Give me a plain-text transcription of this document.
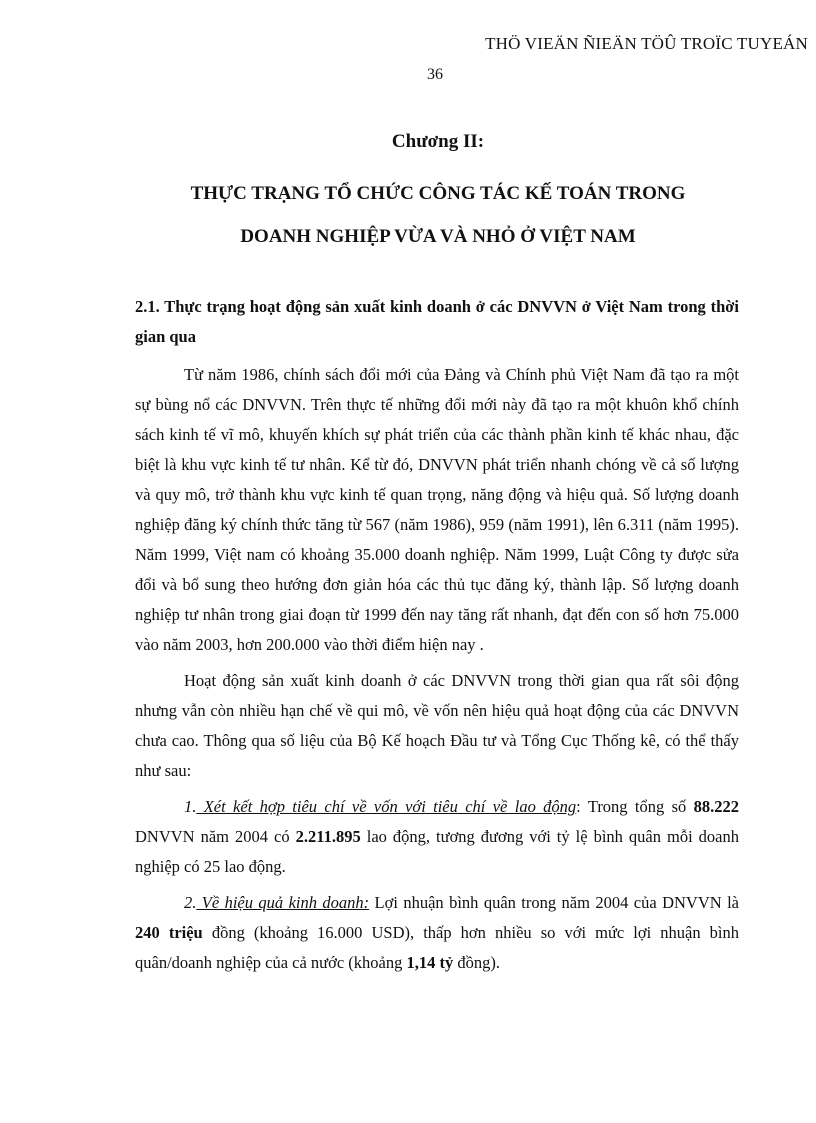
THÖ VIEÄN ÑIEÄN TÖÛ TROÏC TUYEÁN
36
Chương II:
THỰC TRẠNG TỔ CHỨC CÔNG TÁC KẾ TOÁN TRONG
DOANH NGHIỆP VỪA VÀ NHỎ Ở VIỆT NAM
2.1. Thực trạng hoạt động sản xuất kinh doanh ở các DNVVN ở Việt Nam trong thời gian qua

Từ năm 1986, chính sách đổi mới của Đảng và Chính phủ Việt Nam đã tạo ra một sự bùng nổ các DNVVN. Trên thực tế những đổi mới này đã tạo ra một khuôn khổ chính sách kinh tế vĩ mô, khuyến khích sự phát triển của các thành phần kinh tế khác nhau, đặc biệt là khu vực kinh tế tư nhân. Kể từ đó, DNVVN phát triển nhanh chóng về cả số lượng và quy mô, trở thành khu vực kinh tế quan trọng, năng động và hiệu quả. Số lượng doanh nghiệp đăng ký chính thức tăng từ 567 (năm 1986), 959 (năm 1991), lên 6.311 (năm 1995). Năm 1999, Việt nam có khoảng 35.000 doanh nghiệp. Năm 1999, Luật Công ty được sửa đổi và bổ sung theo hướng đơn giản hóa các thủ tục đăng ký, thành lập. Số lượng doanh nghiệp tư nhân trong giai đoạn từ 1999 đến nay tăng rất nhanh, đạt đến con số hơn 75.000 vào năm 2003, hơn 200.000 vào thời điểm hiện nay .

Hoạt động sản xuất kinh doanh ở các DNVVN trong thời gian qua rất sôi động nhưng vẫn còn nhiều hạn chế về qui mô, về vốn nên hiệu quả hoạt động của các DNVVN chưa cao. Thông qua số liệu của Bộ Kế hoạch Đầu tư và Tổng Cục Thống kê, có thể thấy như sau:

1. Xét kết hợp tiêu chí về vốn với tiêu chí về lao động: Trong tổng số 88.222 DNVVN năm 2004 có 2.211.895 lao động, tương đương với tỷ lệ bình quân mỗi doanh nghiệp có 25 lao động.

2. Về hiệu quả kinh doanh: Lợi nhuận bình quân trong năm 2004 của DNVVN là 240 triệu đồng (khoảng 16.000 USD), thấp hơn nhiều so với mức lợi nhuận bình quân/doanh nghiệp của cả nước (khoảng 1,14 tỷ đồng).
